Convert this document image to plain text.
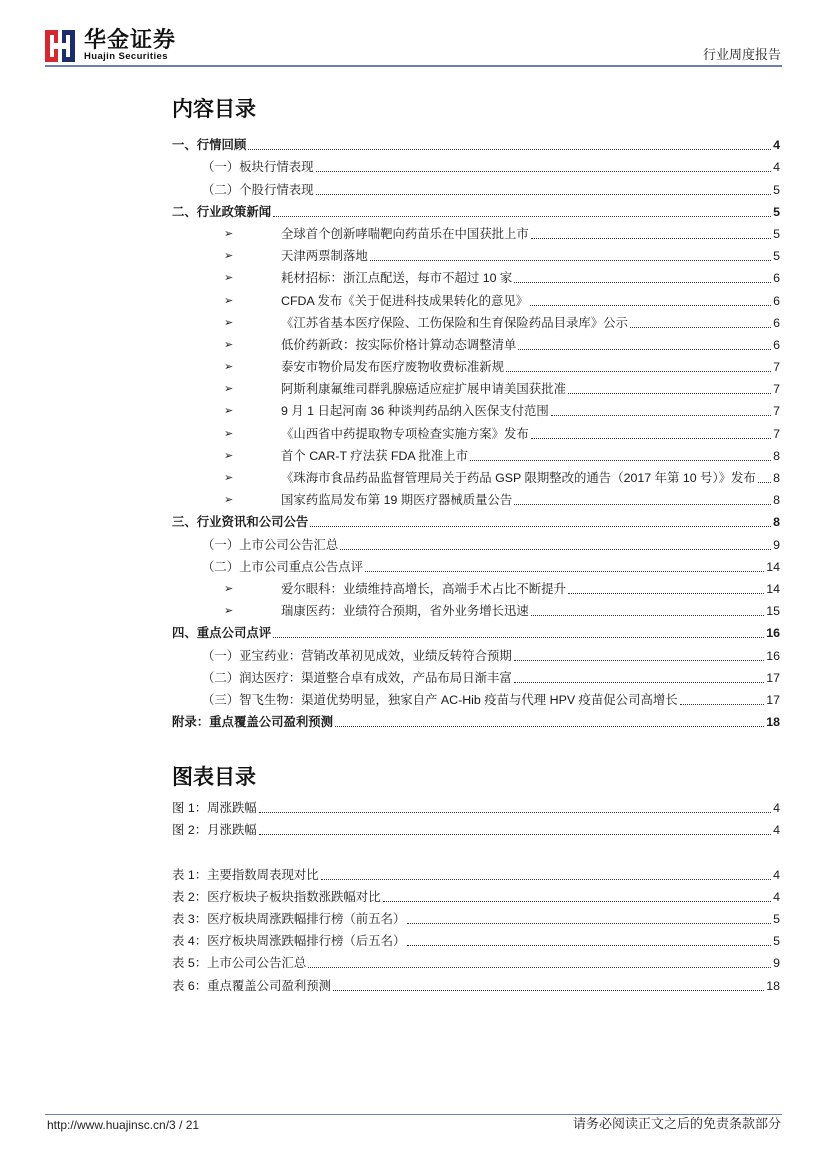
华金证券
Huajin Securities	行业周度报告
内容目录
一、行情回顾	4
（一）板块行情表现	4
（二）个股行情表现	5
二、行业政策新闻	5
➢	全球首个创新哮喘靶向药苗乐在中国获批上市	5
➢	天津两票制落地	5
➢	耗材招标：浙江点配送，每市不超过 10 家	6
➢	CFDA 发布《关于促进科技成果转化的意见》	6
➢	《江苏省基本医疗保险、工伤保险和生育保险药品目录库》公示	6
➢	低价药新政：按实际价格计算动态调整清单	6
➢	泰安市物价局发布医疗废物收费标准新规	7
➢	阿斯利康氟维司群乳腺癌适应症扩展申请美国获批准	7
➢	9 月 1 日起河南 36 种谈判药品纳入医保支付范围	7
➢	《山西省中药提取物专项检查实施方案》发布	7
➢	首个 CAR-T 疗法获 FDA 批准上市	8
➢	《珠海市食品药品监督管理局关于药品 GSP 限期整改的通告（2017 年第 10 号）》发布 8
➢	国家药监局发布第 19 期医疗器械质量公告	8
三、行业资讯和公司公告	8
（一）上市公司公告汇总	9
（二）上市公司重点公告点评	14
➢	爱尔眼科：业绩维持高增长，高端手术占比不断提升	14
➢	瑞康医药：业绩符合预期，省外业务增长迅速	15
四、重点公司点评	16
（一）亚宝药业：营销改革初见成效，业绩反转符合预期	16
（二）润达医疗：渠道整合卓有成效，产品布局日渐丰富	17
（三）智飞生物：渠道优势明显，独家自产 AC-Hib 疫苗与代理 HPV 疫苗促公司高增长	17
附录：重点覆盖公司盈利预测	18
图表目录
图 1：周涨跌幅	4
图 2：月涨跌幅	4
表 1：主要指数周表现对比	4
表 2：医疗板块子板块指数涨跌幅对比	4
表 3：医疗板块周涨跌幅排行榜（前五名）	5
表 4：医疗板块周涨跌幅排行榜（后五名）	5
表 5：上市公司公告汇总	9
表 6：重点覆盖公司盈利预测	18
http://www.huajinsc.cn/3 / 21	请务必阅读正文之后的免责条款部分
